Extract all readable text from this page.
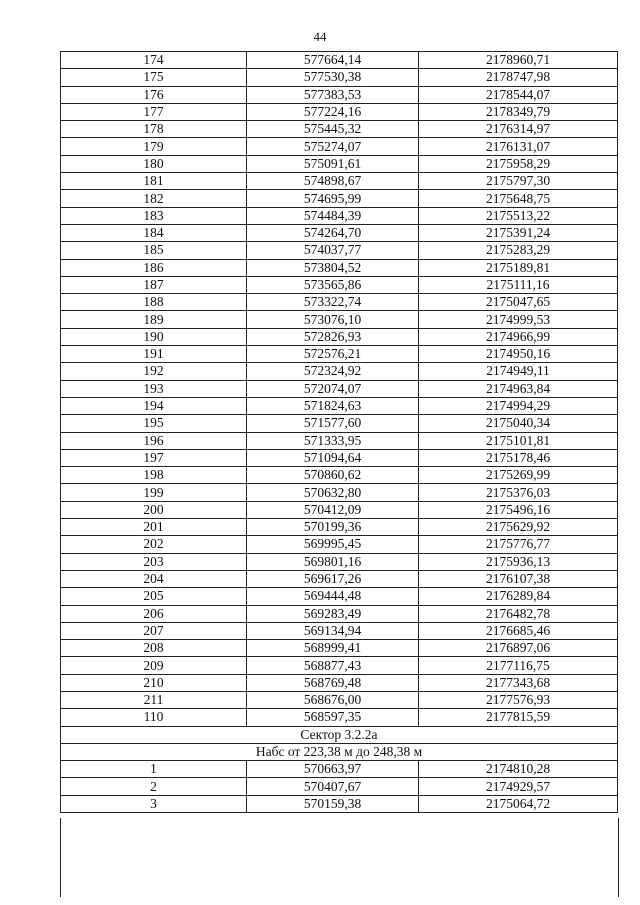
44
174	577664,14	2178960,71
175	577530,38	2178747,98
176	577383,53	2178544,07
177	577224,16	2178349,79
178	575445,32	2176314,97
179	575274,07	2176131,07
180	575091,61	2175958,29
181	574898,67	2175797,30
182	574695,99	2175648,75
183	574484,39	2175513,22
184	574264,70	2175391,24
185	574037,77	2175283,29
186	573804,52	2175189,81
187	573565,86	2175111,16
188	573322,74	2175047,65
189	573076,10	2174999,53
190	572826,93	2174966,99
191	572576,21	2174950,16
192	572324,92	2174949,11
193	572074,07	2174963,84
194	571824,63	2174994,29
195	571577,60	2175040,34
196	571333,95	2175101,81
197	571094,64	2175178,46
198	570860,62	2175269,99
199	570632,80	2175376,03
200	570412,09	2175496,16
201	570199,36	2175629,92
202	569995,45	2175776,77
203	569801,16	2175936,13
204	569617,26	2176107,38
205	569444,48	2176289,84
206	569283,49	2176482,78
207	569134,94	2176685,46
208	568999,41	2176897,06
209	568877,43	2177116,75
210	568769,48	2177343,68
211	568676,00	2177576,93
110	568597,35	2177815,59
Сектор 3.2.2а		
Набс от 223,38 м до 248,38 м		
1	570663,97	2174810,28
2	570407,67	2174929,57
3	570159,38	2175064,72
